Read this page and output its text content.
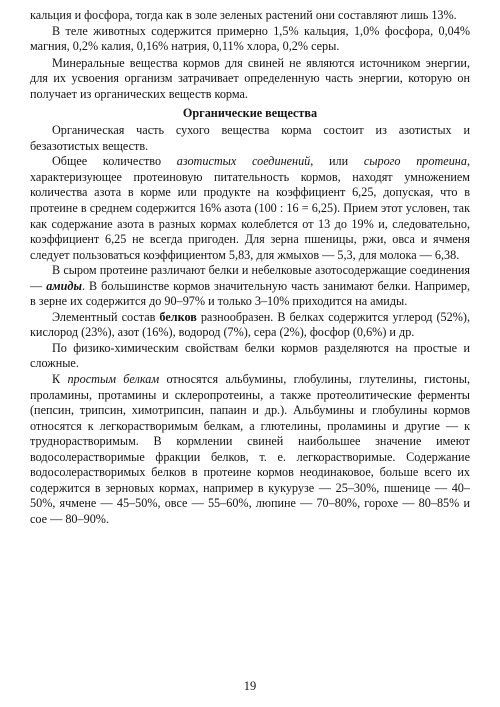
кальция и фосфора, тогда как в золе зеленых растений они составляют лишь 13%.

В теле животных содержится примерно 1,5% кальция, 1,0% фосфора, 0,04% магния, 0,2% калия, 0,16% натрия, 0,11% хлора, 0,2% серы.

Минеральные вещества кормов для свиней не являются источником энергии, для их усвоения организм затрачивает определенную часть энергии, которую он получает из органических веществ корма.

Органические вещества

Органическая часть сухого вещества корма состоит из азотистых и безазотистых веществ.

Общее количество азотистых соединений, или сырого протеина, характеризующее протеиновую питательность кормов, находят умножением количества азота в корме или продукте на коэффициент 6,25, допуская, что в протеине в среднем содержится 16% азота (100 : 16 = 6,25). Прием этот условен, так как содержание азота в разных кормах колеблется от 13 до 19% и, следовательно, коэффициент 6,25 не всегда пригоден. Для зерна пшеницы, ржи, овса и ячменя следует пользоваться коэффициентом 5,83, для жмыхов — 5,3, для молока — 6,38.

В сыром протеине различают белки и небелковые азотосодержащие соединения — амиды. В большинстве кормов значительную часть занимают белки. Например, в зерне их содержится до 90–97% и только 3–10% приходится на амиды.

Элементный состав белков разнообразен. В белках содержится углерод (52%), кислород (23%), азот (16%), водород (7%), сера (2%), фосфор (0,6%) и др.

По физико-химическим свойствам белки кормов разделяются на простые и сложные.

К простым белкам относятся альбумины, глобулины, глутелины, гистоны, проламины, протамины и склеропротеины, а также протеолитические ферменты (пепсин, трипсин, химотрипсин, папаин и др.). Альбумины и глобулины кормов относятся к легкорастворимым белкам, а глютелины, проламины и другие — к труднорастворимым. В кормлении свиней наибольшее значение имеют водосолерастворимые фракции белков, т. е. легкорастворимые. Содержание водосолерастворимых белков в протеине кормов неодинаковое, больше всего их содержится в зерновых кормах, например в кукурузе — 25–30%, пшенице — 40–50%, ячмене — 45–50%, овсе — 55–60%, люпине — 70–80%, горохе — 80–85% и сое — 80–90%.

19
